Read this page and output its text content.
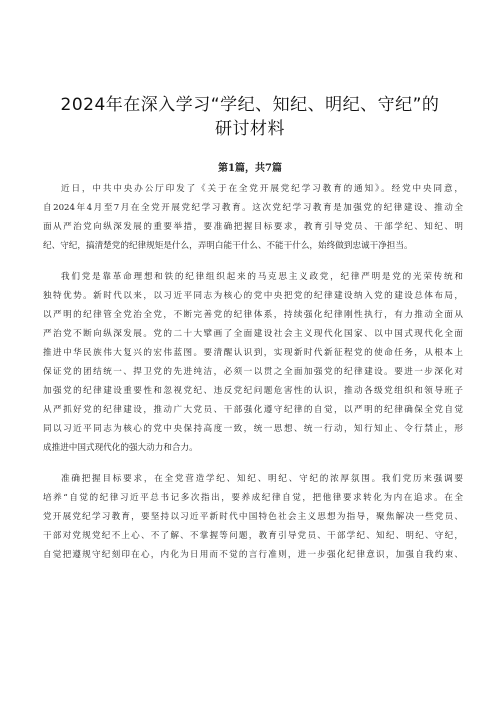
2024年在深入学习“学纪、知纪、明纪、守纪”的
研讨材料
第1篇，共7篇
近日，中共中央办公厅印发了《关于在全党开展党纪学习教育的通知》。经党中央同意，
自2024年4月至7月在全党开展党纪学习教育。这次党纪学习教育是加强党的纪律建设、推动全
面从严治党向纵深发展的重要举措，要准确把握目标要求，教育引导党员、干部学纪、知纪、明
纪、守纪，搞清楚党的纪律规矩是什么，弄明白能干什么、不能干什么，始终做到忠诚干净担当。
我们党是靠革命理想和铁的纪律组织起来的马克思主义政党，纪律严明是党的光荣传统和
独特优势。新时代以来，以习近平同志为核心的党中央把党的纪律建设纳入党的建设总体布局，
以严明的纪律管全党治全党，不断完善党的纪律体系，持续强化纪律刚性执行，有力推动全面从
严治党不断向纵深发展。党的二十大擘画了全面建设社会主义现代化国家、以中国式现代化全面
推进中华民族伟大复兴的宏伟蓝图。要清醒认识到，实现新时代新征程党的使命任务，从根本上
保证党的团结统一、捍卫党的先进纯洁，必须一以贯之全面加强党的纪律建设。要进一步深化对
加强党的纪律建设重要性和忽视党纪、违反党纪问题危害性的认识，推动各级党组织和领导班子
从严抓好党的纪律建设，推动广大党员、干部强化遵守纪律的自觉，以严明的纪律确保全党自觉
同以习近平同志为核心的党中央保持高度一致，统一思想、统一行动，知行知止、令行禁止，形
成推进中国式现代化的强大动力和合力。
准确把握目标要求，在全党营造学纪、知纪、明纪、守纪的浓厚氛围。我们党历来强调要
培养“自觉的纪律习近平总书记多次指出，要养成纪律自觉，把他律要求转化为内在追求。在全
党开展党纪学习教育，要坚持以习近平新时代中国特色社会主义思想为指导，聚焦解决一些党员、
干部对党规党纪不上心、不了解、不掌握等问题，教育引导党员、干部学纪、知纪、明纪、守纪，
自觉把遵规守纪刻印在心，内化为日用而不觉的言行准则，进一步强化纪律意识，加强自我约束、
